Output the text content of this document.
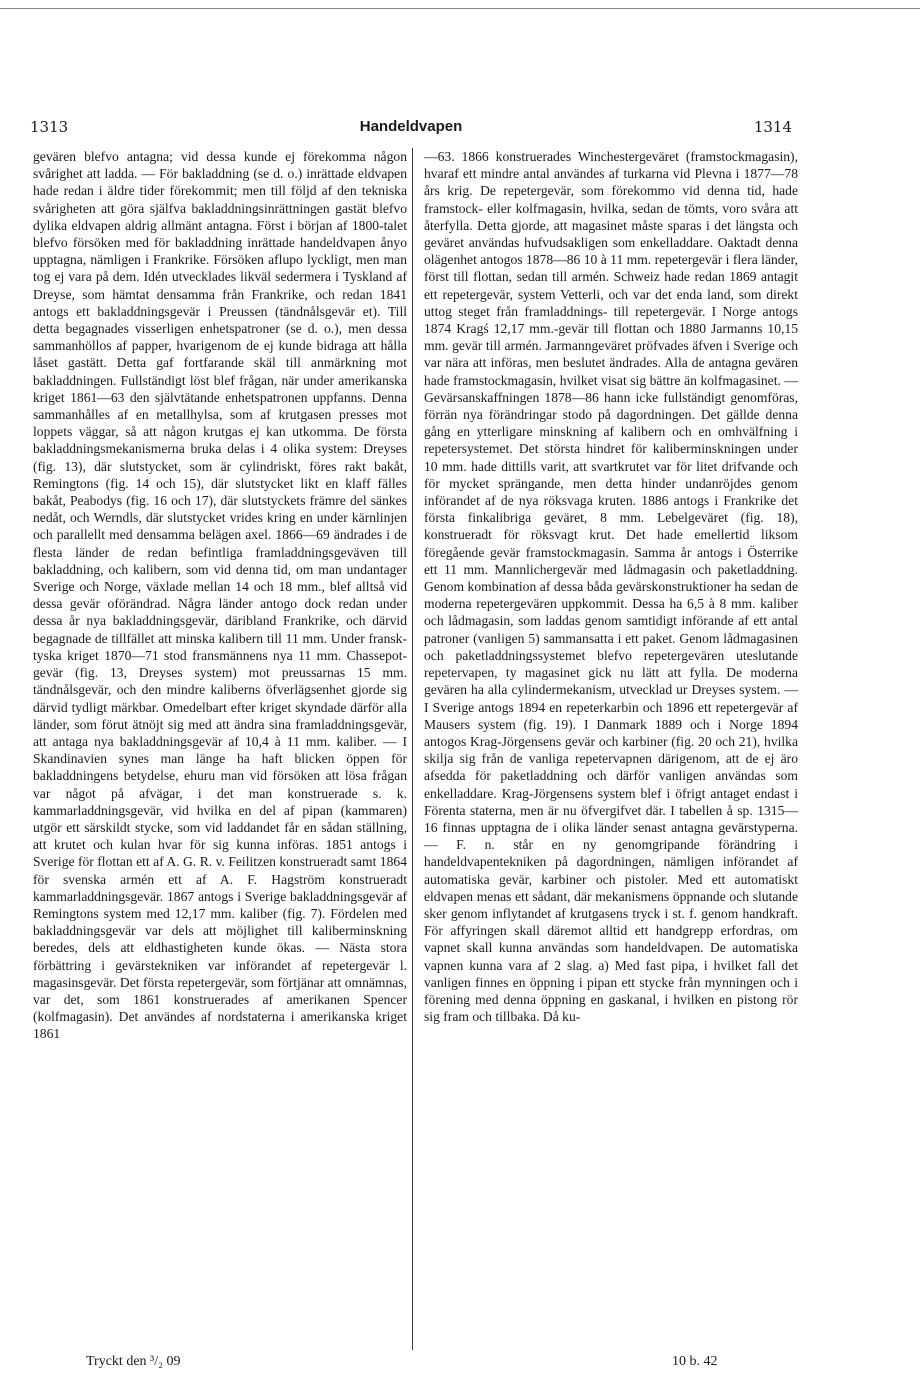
1313	Handeldvapen	1314

gevären blefvo antagna; vid dessa kunde ej förekomma någon svårighet att ladda. — För bakladdning (se d. o.) inrättade eldvapen hade redan i äldre tider förekommit; men till följd af den tekniska svårigheten att göra själfva bakladdningsinrättningen gastät blefvo dylika eldvapen aldrig allmänt antagna. Först i början af 1800-talet blefvo försöken med för bakladdning inrättade handeldvapen ånyo upptagna, nämligen i Frankrike. Försöken aflupo lyckligt, men man tog ej vara på dem. Idén utvecklades likväl sedermera i Tyskland af Dreyse, som hämtat densamma från Frankrike, och redan 1841 antogs ett bakladdningsgevär i Preussen (tändnålsgevär et). Till detta begagnades visserligen enhetspatroner (se d. o.), men dessa sammanhöllos af papper, hvarigenom de ej kunde bidraga att hålla låset gastätt. Detta gaf fortfarande skäl till anmärkning mot bakladdningen. Fullständigt löst blef frågan, när under amerikanska kriget 1861—63 den självtätande enhetspatronen uppfanns. Denna sammanhålles af en metallhylsa, som af krutgasen presses mot loppets väggar, så att någon krutgas ej kan utkomma. De första bakladdningsmekanismerna bruka delas i 4 olika system: Dreyses (fig. 13), där slutstycket, som är cylindriskt, föres rakt bakåt, Remingtons (fig. 14 och 15), där slutstycket likt en klaff fälles bakåt, Peabodys (fig. 16 och 17), där slutstyckets främre del sänkes nedåt, och Werndls, där slutstycket vrides kring en under kärnlinjen och parallellt med densamma belägen axel. 1866—69 ändrades i de flesta länder de redan befintliga framladdningsgeväven till bakladdning, och kalibern, som vid denna tid, om man undantager Sverige och Norge, växlade mellan 14 och 18 mm., blef alltså vid dessa gevär oförändrad. Några länder antogo dock redan under dessa år nya bakladdningsgevär, däribland Frankrike, och därvid begagnade de tillfället att minska kalibern till 11 mm. Under fransk-tyska kriget 1870—71 stod fransmännens nya 11 mm. Chassepot-gevär (fig. 13, Dreyses system) mot preussarnas 15 mm. tändnålsgevär, och den mindre kaliberns öfverlägsenhet gjorde sig därvid tydligt märkbar. Omedelbart efter kriget skyndade därför alla länder, som förut ätnöjt sig med att ändra sina framladdningsgevär, att antaga nya bakladdningsgevär af 10,4 à 11 mm. kaliber. — I Skandinavien synes man länge ha haft blicken öppen för bakladdningens betydelse, ehuru man vid försöken att lösa frågan var något på afvägar, i det man konstruerade s. k. kammarladdningsgevär, vid hvilka en del af pipan (kammaren) utgör ett särskildt stycke, som vid laddandet får en sådan ställning, att krutet och kulan hvar för sig kunna införas. 1851 antogs i Sverige för flottan ett af A. G. R. v. Feilitzen konstrueradt samt 1864 för svenska armén ett af A. F. Hagström konstrueradt kammarladdningsgevär. 1867 antogs i Sverige bakladdningsgevär af Remingtons system med 12,17 mm. kaliber (fig. 7). Fördelen med bakladdningsgevär var dels att möjlighet till kaliberminskning beredes, dels att eldhastigheten kunde ökas. — Nästa stora förbättring i gevärstekniken var införandet af repetergevär l. magasinsgevär. Det första repetergevär, som förtjänar att omnämnas, var det, som 1861 konstruerades af amerikanen Spencer (kolfmagasin). Det användes af nordstaterna i amerikanska kriget 1861

—63. 1866 konstruerades Winchestergeväret (framstockmagasin), hvaraf ett mindre antal användes af turkarna vid Plevna i 1877—78 års krig. De repetergevär, som förekommo vid denna tid, hade framstock- eller kolfmagasin, hvilka, sedan de tömts, voro svåra att återfylla. Detta gjorde, att magasinet måste sparas i det längsta och geväret användas hufvudsakligen som enkelladdare. Oaktadt denna olägenhet antogos 1878—86 10 à 11 mm. repetergevär i flera länder, först till flottan, sedan till armén. Schweiz hade redan 1869 antagit ett repetergevär, system Vetterli, och var det enda land, som direkt uttog steget från framladdnings- till repetergevär. I Norge antogs 1874 Kragś 12,17 mm.-gevär till flottan och 1880 Jarmanns 10,15 mm. gevär till armén. Jarmanngeväret pröfvades äfven i Sverige och var nära att införas, men beslutet ändrades. Alla de antagna gevären hade framstockmagasin, hvilket visat sig bättre än kolfmagasinet. — Gevärsanskaffningen 1878—86 hann icke fullständigt genomföras, förrän nya förändringar stodo på dagordningen. Det gällde denna gång en ytterligare minskning af kalibern och en omhvälfning i repetersystemet. Det största hindret för kaliberminskningen under 10 mm. hade dittills varit, att svartkrutet var för litet drifvande och för mycket sprängande, men detta hinder undanröjdes genom införandet af de nya röksvaga kruten. 1886 antogs i Frankrike det första finkalibriga geväret, 8 mm. Lebelgeväret (fig. 18), konstrueradt för röksvagt krut. Det hade emellertid liksom föregående gevär framstockmagasin. Samma år antogs i Österrike ett 11 mm. Mannlichergevär med lådmagasin och paketladdning. Genom kombination af dessa båda gevärskonstruktioner ha sedan de moderna repetergevären uppkommit. Dessa ha 6,5 à 8 mm. kaliber och lådmagasin, som laddas genom samtidigt införande af ett antal patroner (vanligen 5) sammansatta i ett paket. Genom lådmagasinen och paketladdningssystemet blefvo repetergevären uteslutande repetervapen, ty magasinet gick nu lätt att fylla. De moderna gevären ha alla cylindermekanism, utvecklad ur Dreyses system. — I Sverige antogs 1894 en repeterkarbin och 1896 ett repetergevär af Mausers system (fig. 19). I Danmark 1889 och i Norge 1894 antogos Krag-Jörgensens gevär och karbiner (fig. 20 och 21), hvilka skilja sig från de vanliga repetervapnen därigenom, att de ej äro afsedda för paketladdning och därför vanligen användas som enkelladdare. Krag-Jörgensens system blef i öfrigt antaget endast i Förenta staterna, men är nu öfvergifvet där. I tabellen å sp. 1315—16 finnas upptagna de i olika länder senast antagna gevärstyperna. — F. n. står en ny genomgripande förändring i handeldvapentekniken på dagordningen, nämligen införandet af automatiska gevär, karbiner och pistoler. Med ett automatiskt eldvapen menas ett sådant, där mekanismens öppnande och slutande sker genom inflytandet af krutgasens tryck i st. f. genom handkraft. För affyringen skall däremot alltid ett handgrepp erfordras, om vapnet skall kunna användas som handeldvapen. De automatiska vapnen kunna vara af 2 slag. a) Med fast pipa, i hvilket fall det vanligen finnes en öppning i pipan ett stycke från mynningen och i förening med denna öppning en gaskanal, i hvilken en pistong rör sig fram och tillbaka. Då ku-

Tryckt den ³/₂ 09	10 b. 42
